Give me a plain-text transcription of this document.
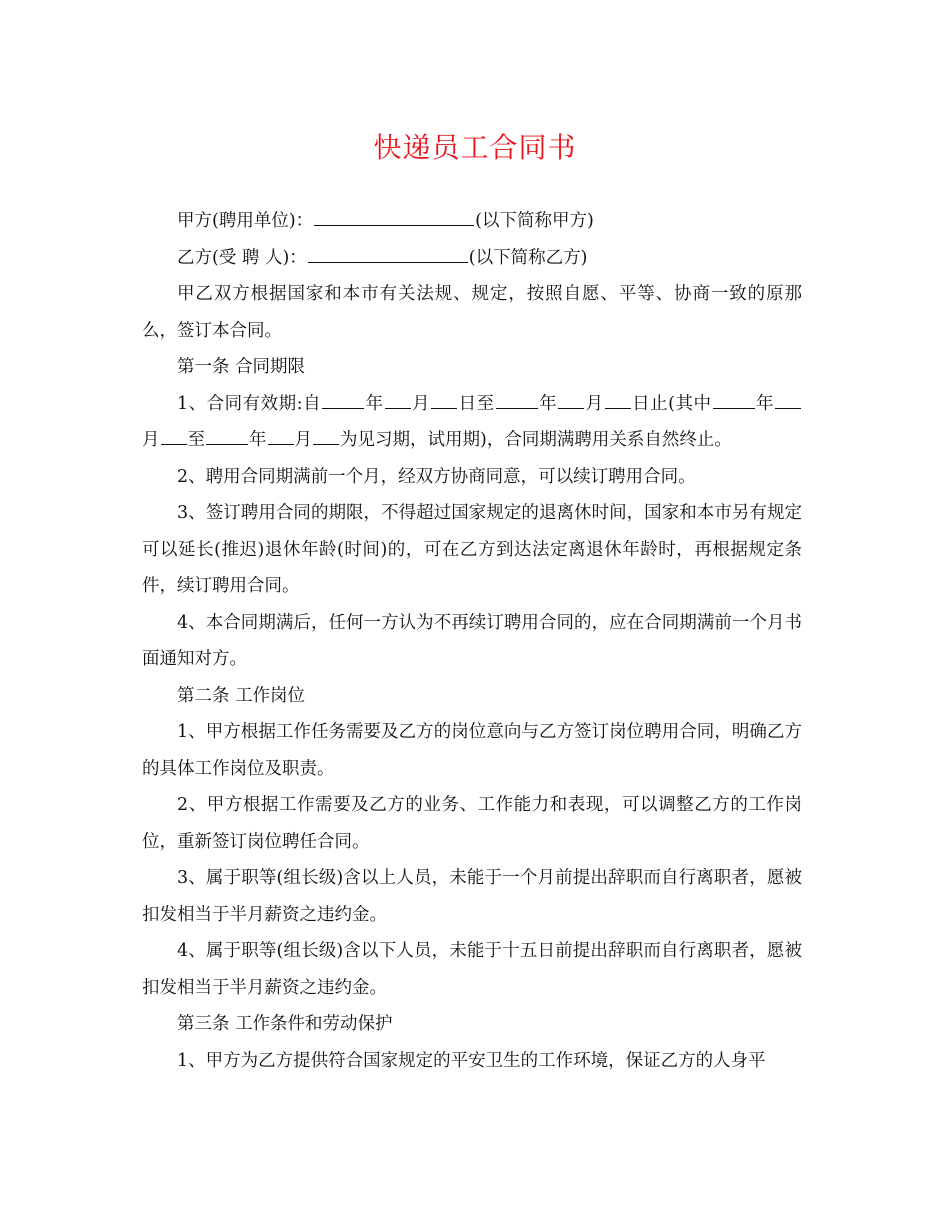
快递员工合同书

甲方(聘用单位)：	(以下简称甲方)

乙方(受 聘 人)：	(以下简称乙方)

甲乙双方根据国家和本市有关法规、规定，按照自愿、平等、协商一致的原那么，签订本合同。

第一条 合同期限

1、合同有效期:自	年 月 日至	年 月 日止(其中	年月 至	年 月 为见习期，试用期)，合同期满聘用关系自然终止。

2、聘用合同期满前一个月，经双方协商同意，可以续订聘用合同。

3、签订聘用合同的期限，不得超过国家规定的退离休时间，国家和本市另有规定可以延长(推迟)退休年龄(时间)的，可在乙方到达法定离退休年龄时，再根据规定条件，续订聘用合同。

4、本合同期满后，任何一方认为不再续订聘用合同的，应在合同期满前一个月书面通知对方。

第二条 工作岗位

1、甲方根据工作任务需要及乙方的岗位意向与乙方签订岗位聘用合同，明确乙方的具体工作岗位及职责。

2、甲方根据工作需要及乙方的业务、工作能力和表现，可以调整乙方的工作岗位，重新签订岗位聘任合同。

3、属于职等(组长级)含以上人员，未能于一个月前提出辞职而自行离职者，愿被扣发相当于半月薪资之违约金。

4、属于职等(组长级)含以下人员，未能于十五日前提出辞职而自行离职者，愿被扣发相当于半月薪资之违约金。

第三条 工作条件和劳动保护

1、甲方为乙方提供符合国家规定的平安卫生的工作环境，保证乙方的人身平
